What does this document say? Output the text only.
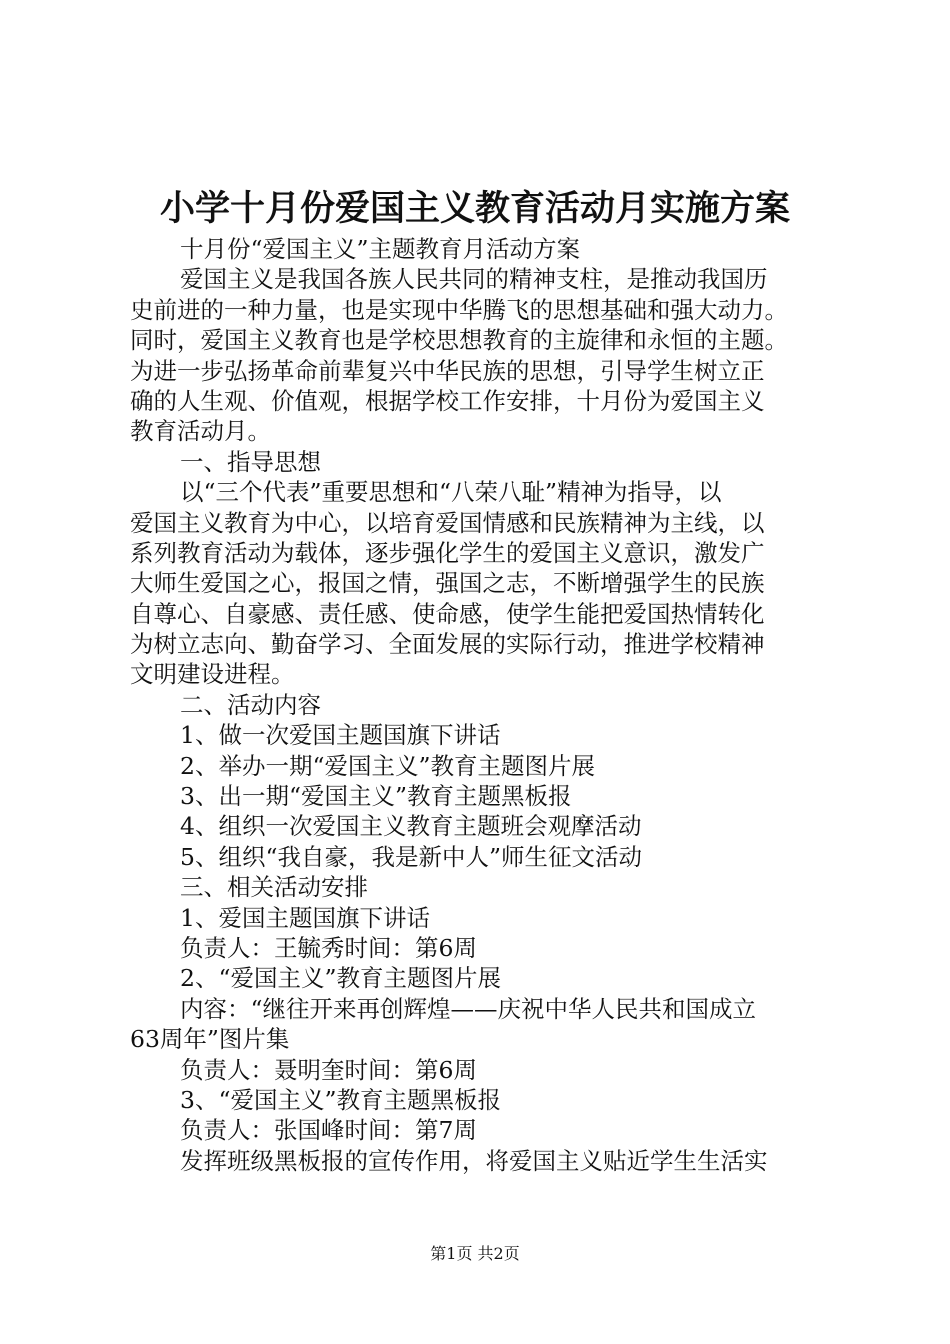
小学十月份爱国主义教育活动月实施方案
十月份“爱国主义”主题教育月活动方案
爱国主义是我国各族人民共同的精神支柱，是推动我国历
史前进的一种力量，也是实现中华腾飞的思想基础和强大动力。
同时，爱国主义教育也是学校思想教育的主旋律和永恒的主题。
为进一步弘扬革命前辈复兴中华民族的思想，引导学生树立正
确的人生观、价值观，根据学校工作安排，十月份为爱国主义
教育活动月。
一、指导思想
以“三个代表”重要思想和“八荣八耻”精神为指导，以
爱国主义教育为中心，以培育爱国情感和民族精神为主线，以
系列教育活动为载体，逐步强化学生的爱国主义意识，激发广
大师生爱国之心，报国之情，强国之志，不断增强学生的民族
自尊心、自豪感、责任感、使命感，使学生能把爱国热情转化
为树立志向、勤奋学习、全面发展的实际行动，推进学校精神
文明建设进程。
二、活动内容
1、做一次爱国主题国旗下讲话
2、举办一期“爱国主义”教育主题图片展
3、出一期“爱国主义”教育主题黑板报
4、组织一次爱国主义教育主题班会观摩活动
5、组织“我自豪，我是新中人”师生征文活动
三、相关活动安排
1、爱国主题国旗下讲话
负责人：王毓秀时间：第6周
2、“爱国主义”教育主题图片展
内容：“继往开来再创辉煌——庆祝中华人民共和国成立
63周年”图片集
负责人：聂明奎时间：第6周
3、“爱国主义”教育主题黑板报
负责人：张国峰时间：第7周
发挥班级黑板报的宣传作用，将爱国主义贴近学生生活实
第1页 共2页
